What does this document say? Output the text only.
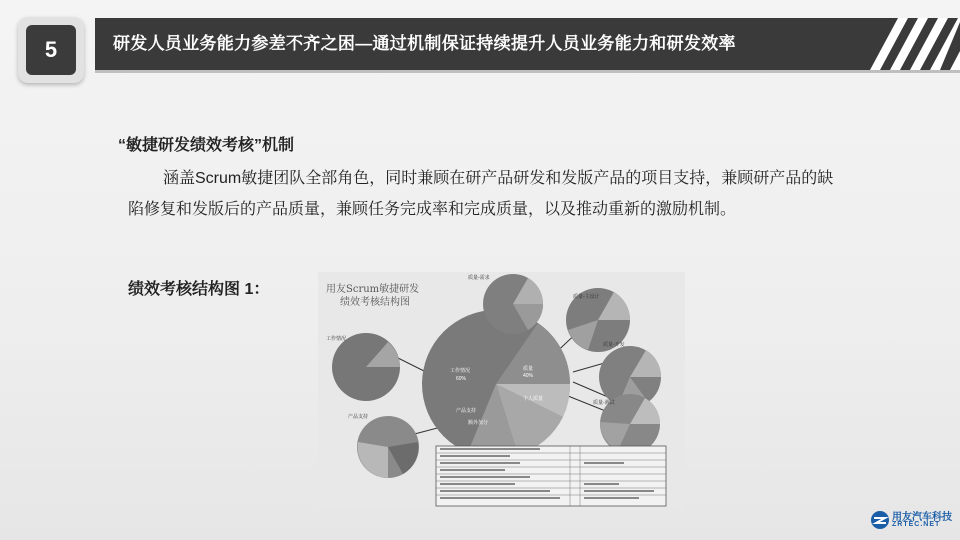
5	研发人员业务能力参差不齐之困—通过机制保证持续提升人员业务能力和研发效率
“敏捷研发绩效考核”机制
涵盖Scrum敏捷团队全部角色，同时兼顾在研产品研发和发版产品的项目支持，兼顾研产品的缺陷修复和发版后的产品质量，兼顾任务完成率和完成质量，以及推动重新的激励机制。
绩效考核结构图 1：	用友Scrum敏捷研发
绩效考核结构图
工作情况
60%
质量
40%
产品支持
个人质量
额外加分
工作情况
产品支持
质量-需求
质量-主设计
质量-开发
质量-测试
用友汽车科技
ZRTEC.NET
